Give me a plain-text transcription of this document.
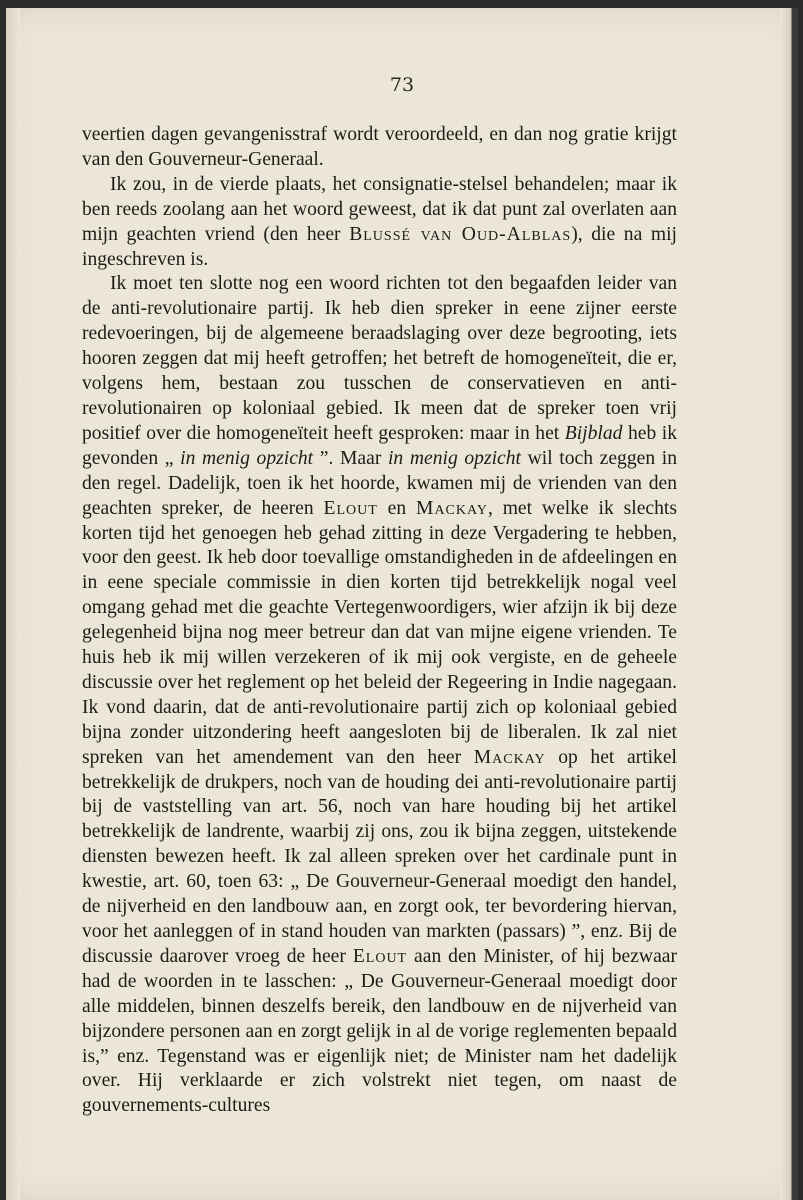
73

veertien dagen gevangenisstraf wordt veroordeeld, en dan nog gratie krijgt van den Gouverneur-Generaal.

Ik zou, in de vierde plaats, het consignatie-stelsel behandelen; maar ik ben reeds zoolang aan het woord geweest, dat ik dat punt zal overlaten aan mijn geachten vriend (den heer Blussé van Oud-Alblas), die na mij ingeschreven is.

Ik moet ten slotte nog een woord richten tot den begaafden leider van de anti-revolutionaire partij. Ik heb dien spreker in eene zijner eerste redevoeringen, bij de algemeene beraadslaging over deze begrooting, iets hooren zeggen dat mij heeft getroffen; het betreft de homogeneïteit, die er, volgens hem, bestaan zou tusschen de conservatieven en anti-revolutionairen op koloniaal gebied. Ik meen dat de spreker toen vrij positief over die homogeneïteit heeft gesproken: maar in het Bijblad heb ik gevonden „ in menig opzicht ”. Maar in menig opzicht wil toch zeggen in den regel. Dadelijk, toen ik het hoorde, kwamen mij de vrienden van den geachten spreker, de heeren Elout en Mackay, met welke ik slechts korten tijd het genoegen heb gehad zitting in deze Vergadering te hebben, voor den geest. Ik heb door toevallige omstandigheden in de afdeelingen en in eene speciale commissie in dien korten tijd betrekkelijk nogal veel omgang gehad met die geachte Vertegenwoordigers, wier afzijn ik bij deze gelegenheid bijna nog meer betreur dan dat van mijne eigene vrienden. Te huis heb ik mij willen verzekeren of ik mij ook vergiste, en de geheele discussie over het reglement op het beleid der Regeering in Indie nagegaan. Ik vond daarin, dat de anti-revolutionaire partij zich op koloniaal gebied bijna zonder uitzondering heeft aangesloten bij de liberalen. Ik zal niet spreken van het amendement van den heer Mackay op het artikel betrekkelijk de drukpers, noch van de houding dei anti-revolutionaire partij bij de vaststelling van art. 56, noch van hare houding bij het artikel betrekkelijk de landrente, waarbij zij ons, zou ik bijna zeggen, uitstekende diensten bewezen heeft. Ik zal alleen spreken over het cardinale punt in kwestie, art. 60, toen 63: „ De Gouverneur-Generaal moedigt den handel, de nijverheid en den landbouw aan, en zorgt ook, ter bevordering hiervan, voor het aanleggen of in stand houden van markten (passars) ”, enz. Bij de discussie daarover vroeg de heer Elout aan den Minister, of hij bezwaar had de woorden in te lasschen: „ De Gouverneur-Generaal moedigt door alle middelen, binnen deszelfs bereik, den landbouw en de nijverheid van bijzondere personen aan en zorgt gelijk in al de vorige reglementen bepaald is,” enz. Tegenstand was er eigenlijk niet; de Minister nam het dadelijk over. Hij verklaarde er zich volstrekt niet tegen, om naast de gouvernements-cultures
